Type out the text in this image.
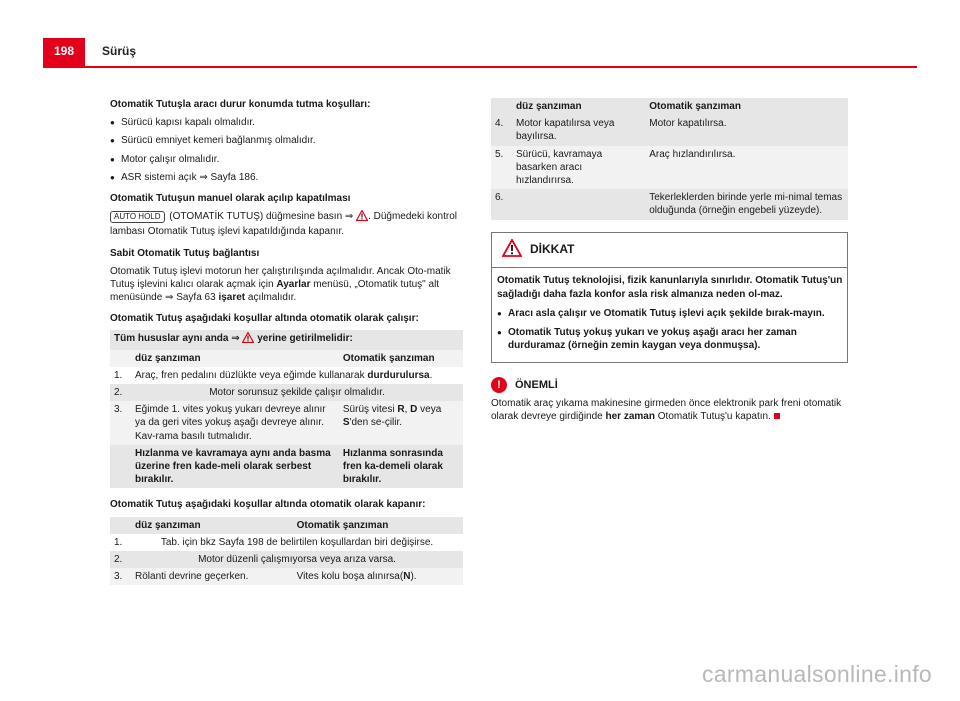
198	Sürüş
Otomatik Tutuşla aracı durur konumda tutma koşulları:
● Sürücü kapısı kapalı olmalıdır.
● Sürücü emniyet kemeri bağlanmış olmalıdır.
● Motor çalışır olmalıdır.
● ASR sistemi açık ⇒ Sayfa 186.
Otomatik Tutuşun manuel olarak açılıp kapatılması

AUTO HOLD (OTOMATİK TUTUŞ) düğmesine basın ⇒ . Düğmedeki kontrol lambası Otomatik Tutuş işlevi kapatıldığında kapanır.

Sabit Otomatik Tutuş bağlantısı

Otomatik Tutuş işlevi motorun her çalıştırılışında açılmalıdır. Ancak Oto-matik Tutuş işlevini kalıcı olarak açmak için Ayarlar menüsü, „Otomatik tutuş" alt menüsünde ⇒ Sayfa 63 işaret açılmalıdır.

Otomatik Tutuş aşağıdaki koşullar altında otomatik olarak çalışır:
Tüm hususlar aynı anda ⇒  yerine getirilmelidir:		
	düz şanzıman	Otomatik şanzıman
1.	Araç, fren pedalını düzlükte veya eğimde kullanarak durdurulursa.	
2.	Motor sorunsuz şekilde çalışır olmalıdır.	
3.	Eğimde 1. vites yokuş yukarı devreye alınır ya da geri vites yokuş aşağı devreye alınır. Kav-rama basılı tutmalıdır.	Sürüş vitesi R, D veya S'den se-çilir.
	Hızlanma ve kavramaya aynı anda basma üzerine fren kade-meli olarak serbest bırakılır.	Hızlanma sonrasında fren ka-demeli olarak bırakılır.
Otomatik Tutuş aşağıdaki koşullar altında otomatik olarak kapanır:
	düz şanzıman	Otomatik şanzıman
1.	Tab. için bkz Sayfa 198 de belirtilen koşullardan biri değişirse.	
2.	Motor düzenli çalışmıyorsa veya arıza varsa.	
3.	Rölanti devrine geçerken.	Vites kolu boşa alınırsa(N).
	düz şanzıman	Otomatik şanzıman
4.	Motor kapatılırsa veya bayılırsa.	Motor kapatılırsa.
5.	Sürücü, kavramaya basarken aracı hızlandırırsa.	Araç hızlandırılırsa.
6.		Tekerleklerden birinde yerle mi-nimal temas olduğunda (örneğin engebeli yüzeyde).
DİKKAT

Otomatik Tutuş teknolojisi, fizik kanunlarıyla sınırlıdır. Otomatik Tutuş'un sağladığı daha fazla konfor asla risk almanıza neden ol-maz.

● Aracı asla çalışır ve Otomatik Tutuş işlevi açık şekilde bırak-mayın.
● Otomatik Tutuş yokuş yukarı ve yokuş aşağı aracı her zaman durduramaz (örneğin zemin kaygan veya donmuşsa).
!	ÖNEMLİ

Otomatik araç yıkama makinesine girmeden önce elektronik park freni otomatik olarak devreye girdiğinde her zaman Otomatik Tutuş'u kapatın.

carmanualsonline.info
